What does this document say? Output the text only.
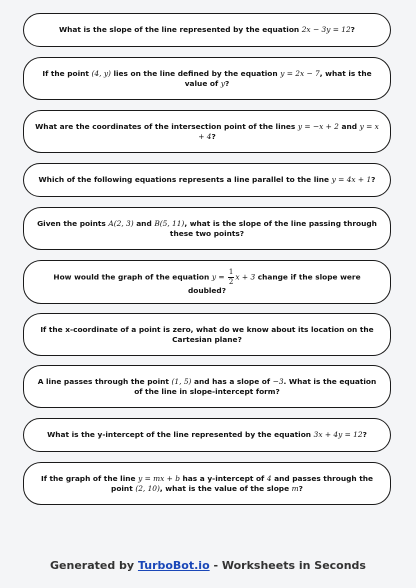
What is the slope of the line represented by the equation 2x − 3y = 12?
If the point (4, y) lies on the line defined by the equation y = 2x − 7, what is the value of y?
What are the coordinates of the intersection point of the lines y = −x + 2 and y = x + 4?
Which of the following equations represents a line parallel to the line y = 4x + 1?
Given the points A(2, 3) and B(5, 11), what is the slope of the line passing through these two points?
How would the graph of the equation $y = \frac{1}{2}$ x + 3 change if the slope were doubled?
If the x-coordinate of a point is zero, what do we know about its location on the Cartesian plane?
A line passes through the point (1, 5) and has a slope of −3. What is the equation of the line in slope-intercept form?
What is the y-intercept of the line represented by the equation 3x + 4y = 12?
If the graph of the line y = mx + b has a y-intercept of 4 and passes through the point (2, 10), what is the value of the slope m?
Generated by TurboBot.io - Worksheets in Seconds
